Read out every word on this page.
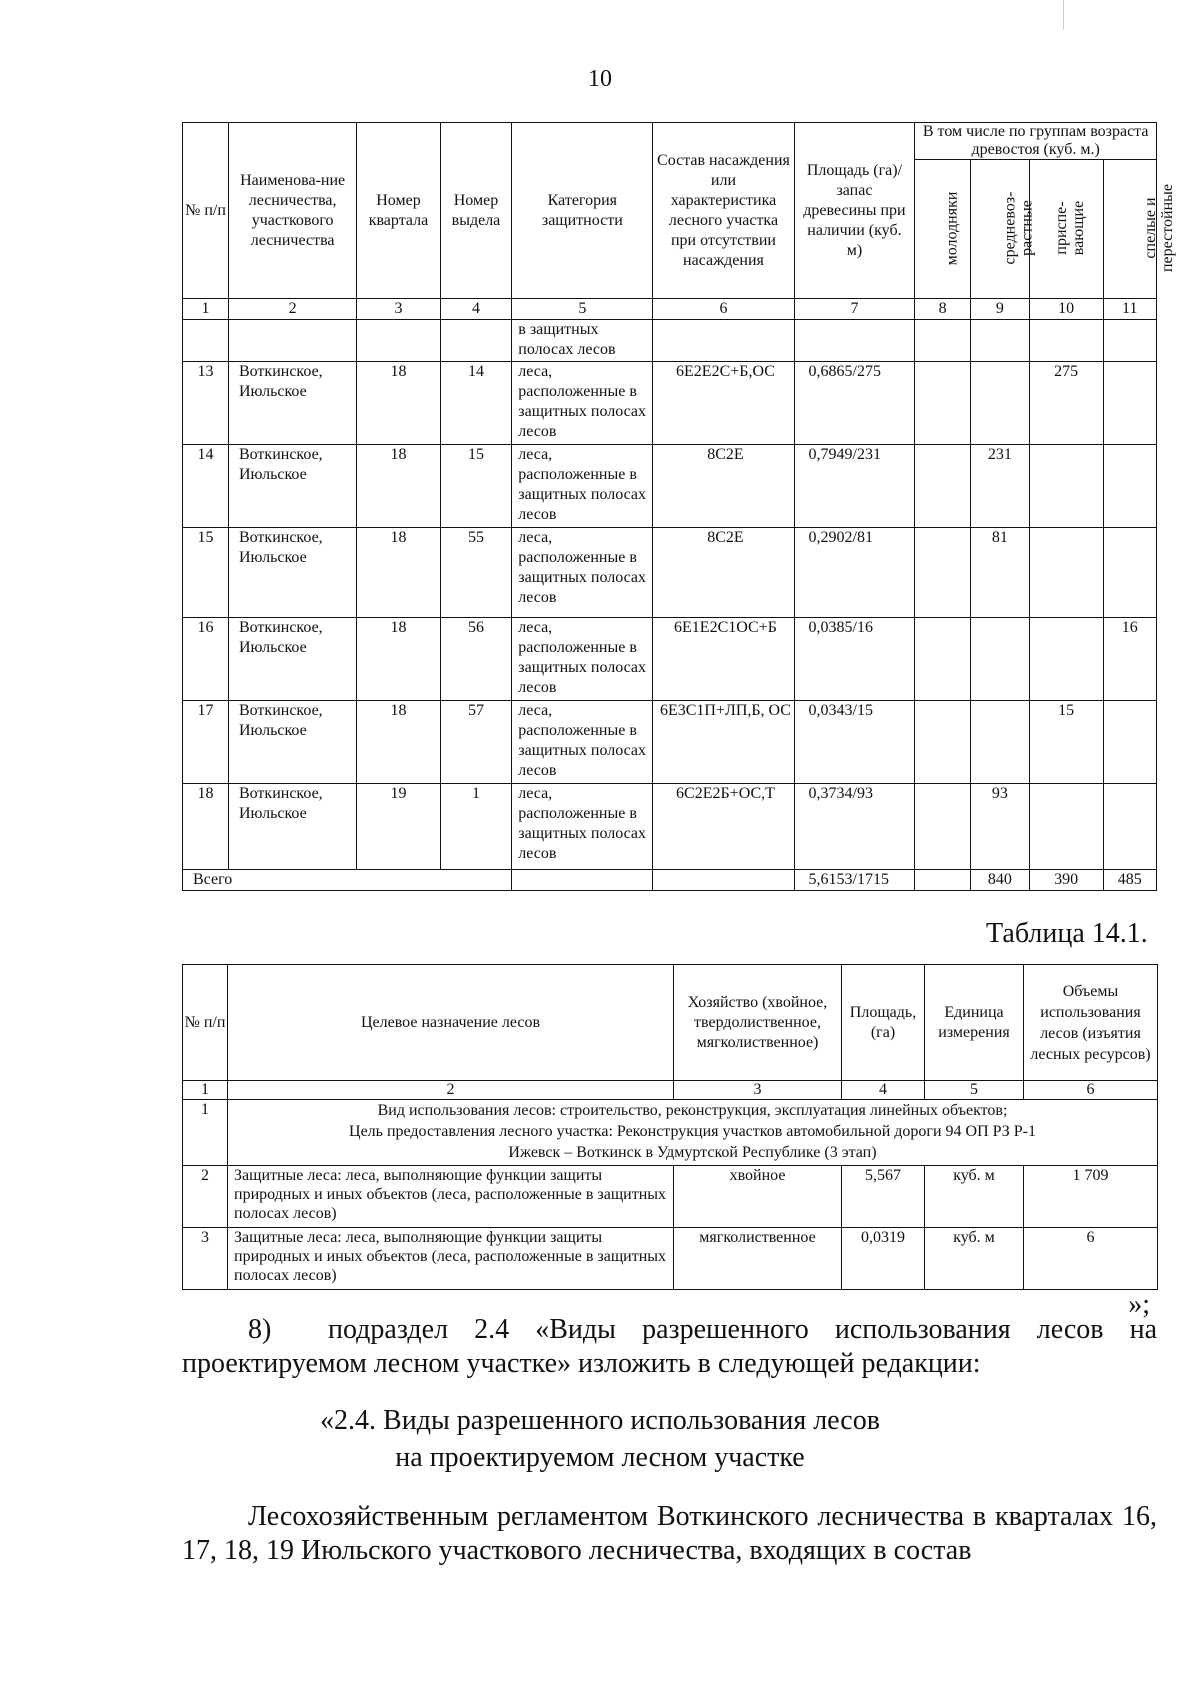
10
№ п/п	Наименова-ние лесничества, участкового лесничества	Номер квартала	Номер выдела	Категория защитности	Состав насаждения или характеристика лесного участка при отсутствии насаждения	Площадь (га)/запас древесины при наличии (куб. м)	В том числе по группам возраста древостоя (куб. м.)			
							молодняки	средневоз-растные	приспе-вающие	спелые и перестойные
1	2	3	4	5	6	7	8	9	10	11
				в защитных полосах лесов						
13	Воткинское, Июльское	18	14	леса, расположенные в защитных полосах лесов	6Е2Е2С+Б,ОС	0,6865/275			275	
14	Воткинское, Июльское	18	15	леса, расположенные в защитных полосах лесов	8С2Е	0,7949/231		231		
15	Воткинское, Июльское	18	55	леса, расположенные в защитных полосах лесов	8С2Е	0,2902/81		81		
16	Воткинское, Июльское	18	56	леса, расположенные в защитных полосах лесов	6Е1Е2С1ОС+Б	0,0385/16				16
17	Воткинское, Июльское	18	57	леса, расположенные в защитных полосах лесов	6Е3С1П+ЛП,Б, ОС	0,0343/15			15	
18	Воткинское, Июльское	19	1	леса, расположенные в защитных полосах лесов	6С2Е2Б+ОС,Т	0,3734/93		93		
Всего						5,6153/1715		840	390	485
Таблица 14.1.
№ п/п	Целевое назначение лесов	Хозяйство (хвойное, твердолиственное, мягколиственное)	Площадь, (га)	Единица измерения	Объемы использования лесов (изъятия лесных ресурсов)
1	2	3	4	5	6
1	Вид использования лесов: строительство, реконструкция, эксплуатация линейных объектов;
Цель предоставления лесного участка: Реконструкция участков автомобильной дороги 94 ОП РЗ Р-1
Ижевск – Воткинск в Удмуртской Республике (3 этап)				

2	Защитные леса: леса, выполняющие функции защиты природных и иных объектов (леса, расположенные в защитных полосах лесов)	хвойное	5,567	куб. м	1 709
3	Защитные леса: леса, выполняющие функции защиты природных и иных объектов (леса, расположенные в защитных полосах лесов)	мягколиственное	0,0319	куб. м	6
»;
8) подраздел 2.4 «Виды разрешенного использования лесов на проектируемом лесном участке» изложить в следующей редакции:
«2.4. Виды разрешенного использования лесов
на проектируемом лесном участке
Лесохозяйственным регламентом Воткинского лесничества в кварталах 16, 17, 18, 19 Июльского участкового лесничества, входящих в состав
